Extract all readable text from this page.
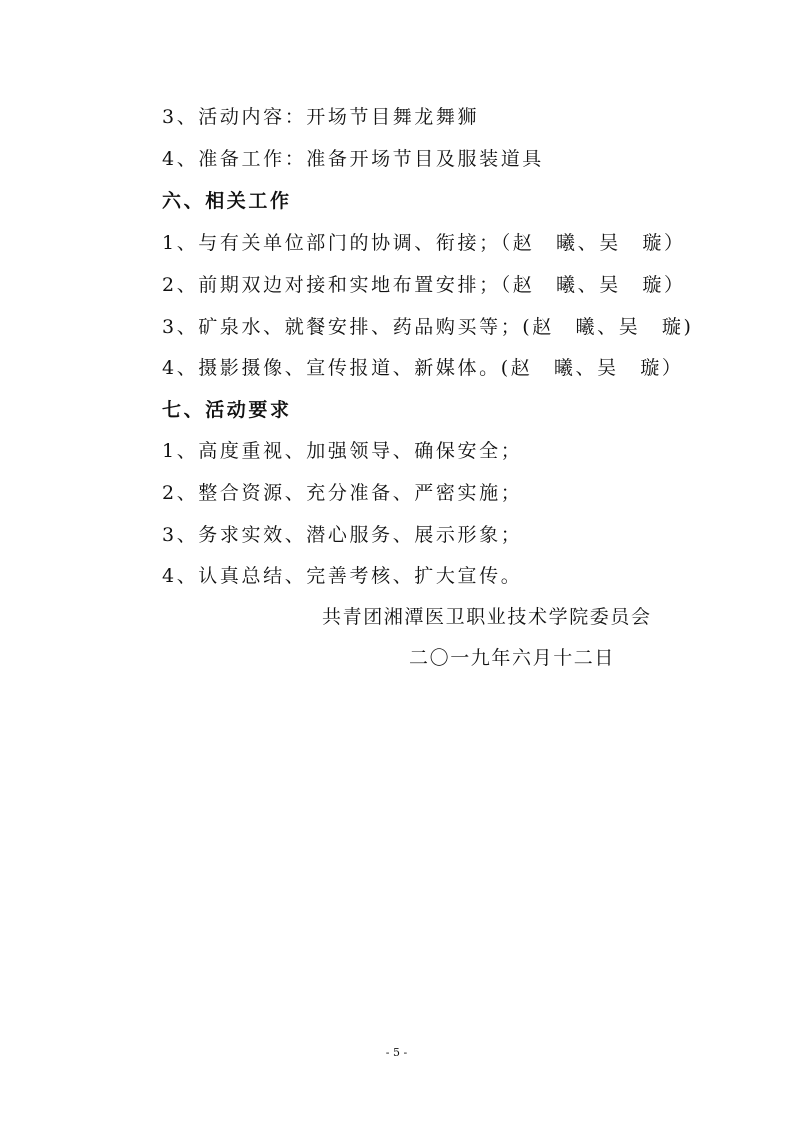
3、活动内容：开场节目舞龙舞狮
4、准备工作：准备开场节目及服装道具
六、相关工作
1、与有关单位部门的协调、衔接；（赵　曦、吴　璇）
2、前期双边对接和实地布置安排；（赵　曦、吴　璇）
3、矿泉水、就餐安排、药品购买等；(赵　曦、吴　璇)
4、摄影摄像、宣传报道、新媒体。(赵　曦、吴　璇）
七、活动要求
1、高度重视、加强领导、确保安全；
2、整合资源、充分准备、严密实施；
3、务求实效、潜心服务、展示形象；
4、认真总结、完善考核、扩大宣传。
共青团湘潭医卫职业技术学院委员会
二〇一九年六月十二日
- 5 -
